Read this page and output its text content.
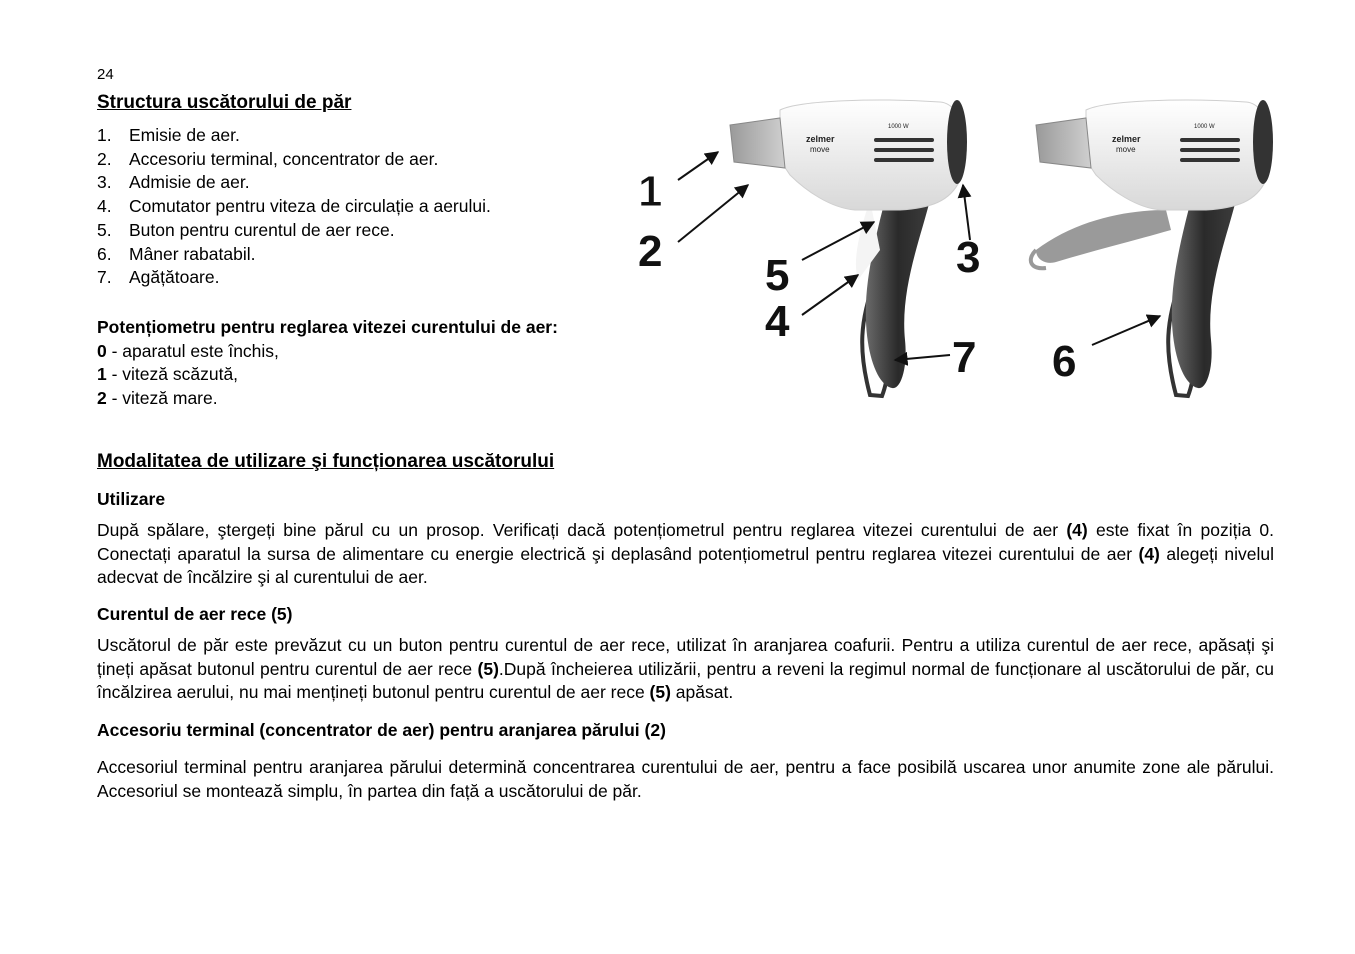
24
Structura uscătorului de păr
1. Emisie de aer.
2. Accesoriu terminal, concentrator de aer.
3. Admisie de aer.
4. Comutator pentru viteza de circulație a aerului.
5. Buton pentru curentul de aer rece.
6. Mâner rabatabil.
7. Agățătoare.
Potențiometru pentru reglarea vitezei curentului de aer:
0 - aparatul este închis,
1 - viteză scăzută,
2 - viteză mare.
zelmer
move
1000 W
zelmer
move
1000 W
1
2	3
4
5
6
7
Modalitatea de utilizare şi funcționarea uscătorului
Utilizare
După spălare, ştergeți bine părul cu un prosop. Verificați dacă potențiometrul pentru reglarea vitezei curentului de aer (4) este fixat în poziția 0. Conectați aparatul la sursa de alimentare cu energie electrică şi deplasând potențiometrul pentru reglarea vitezei curentului de aer (4) alegeți nivelul adecvat de încălzire şi al curentului de aer.
Curentul de aer rece (5)
Uscătorul de păr este prevăzut cu un buton pentru curentul de aer rece, utilizat în aranjarea coafurii. Pentru a utiliza curentul de aer rece, apăsați şi țineți apăsat butonul pentru curentul de aer rece (5).După încheierea utilizării, pentru a reveni la regimul normal de funcționare al uscătorului de păr, cu încălzirea aerului, nu mai mențineți butonul pentru curentul de aer rece (5) apăsat.
Accesoriu terminal (concentrator de aer) pentru aranjarea părului (2)
Accesoriul terminal pentru aranjarea părului determină concentrarea curentului de aer, pentru a face posibilă uscarea unor anumite zone ale părului. Accesoriul se montează simplu, în partea din față a uscătorului de păr.
